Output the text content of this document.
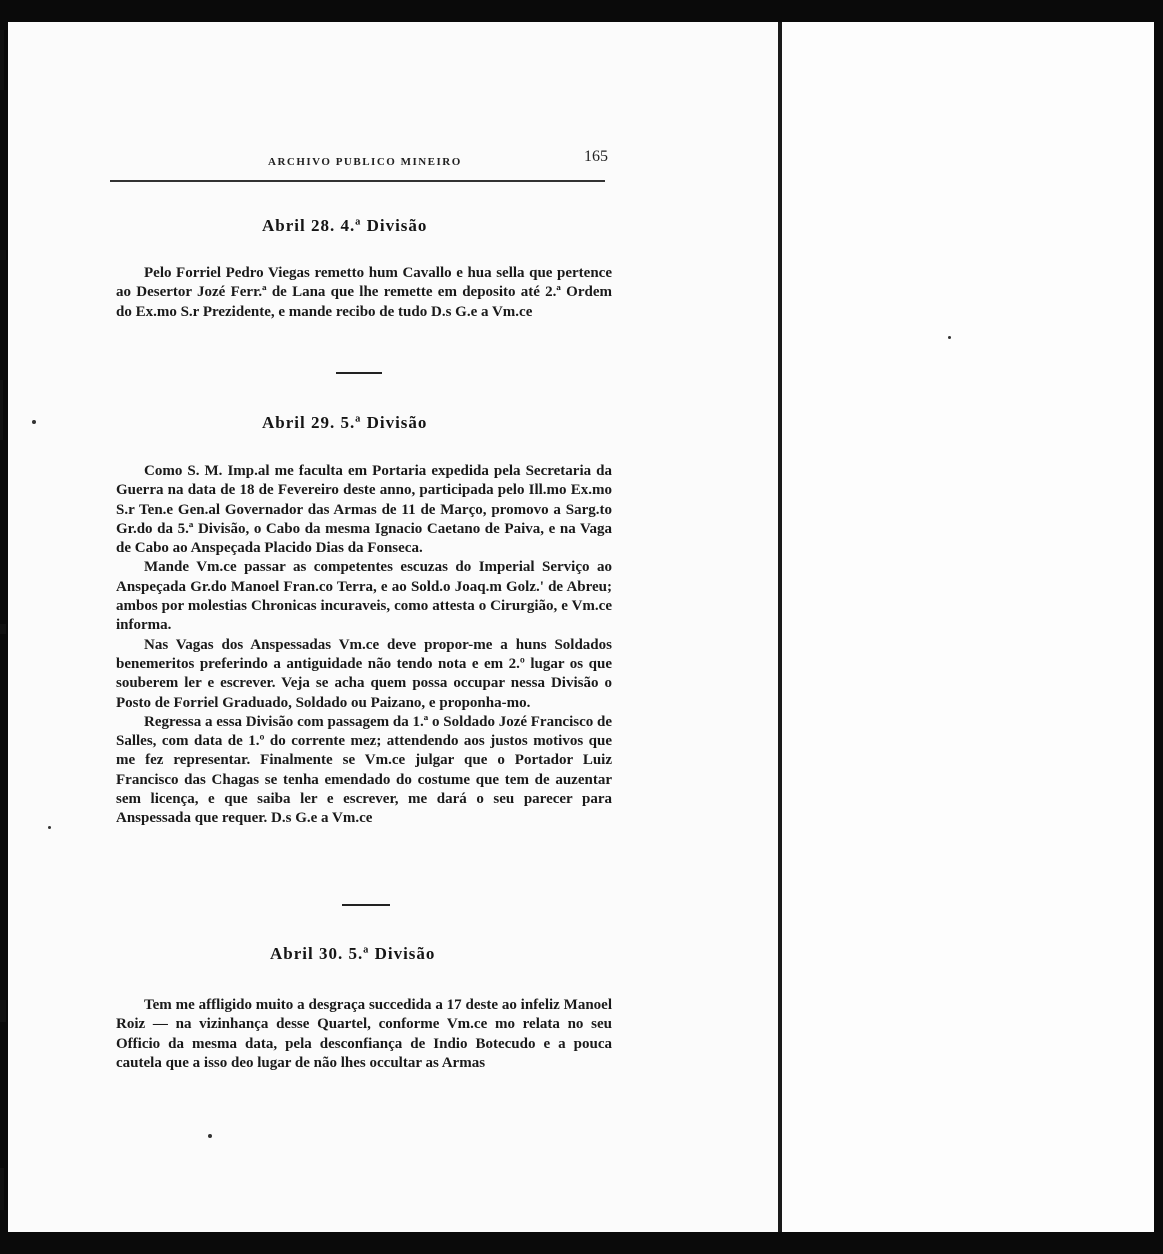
ARCHIVO PUBLICO MINEIRO	165
Abril 28. 4.ª Divisão

Pelo Forriel Pedro Viegas remetto hum Cavallo e hua sella que pertence ao Desertor Jozé Ferr.ª de Lana que lhe remette em deposito até 2.ª Ordem do Ex.mo S.r Prezidente, e mande recibo de tudo D.s G.e a Vm.ce

Abril 29. 5.ª Divisão

Como S. M. Imp.al me faculta em Portaria expedida pela Secretaria da Guerra na data de 18 de Fevereiro deste anno, participada pelo Ill.mo Ex.mo S.r Ten.e Gen.al Governador das Armas de 11 de Março, promovo a Sarg.to Gr.do da 5.ª Divisão, o Cabo da mesma Ignacio Caetano de Paiva, e na Vaga de Cabo ao Anspeçada Placido Dias da Fonseca.

Mande Vm.ce passar as competentes escuzas do Imperial Serviço ao Anspeçada Gr.do Manoel Fran.co Terra, e ao Sold.o Joaq.m Golz.' de Abreu; ambos por molestias Chronicas incuraveis, como attesta o Cirurgião, e Vm.ce informa.

Nas Vagas dos Anspessadas Vm.ce deve propor-me a huns Soldados benemeritos preferindo a antiguidade não tendo nota e em 2.º lugar os que souberem ler e escrever. Veja se acha quem possa occupar nessa Divisão o Posto de Forriel Graduado, Soldado ou Paizano, e proponha-mo.

Regressa a essa Divisão com passagem da 1.ª o Soldado Jozé Francisco de Salles, com data de 1.º do corrente mez; attendendo aos justos motivos que me fez representar. Finalmente se Vm.ce julgar que o Portador Luiz Francisco das Chagas se tenha emendado do costume que tem de auzentar sem licença, e que saiba ler e escrever, me dará o seu parecer para Anspessada que requer. D.s G.e a Vm.ce

Abril 30. 5.ª Divisão

Tem me affligido muito a desgraça succedida a 17 deste ao infeliz Manoel Roiz — na vizinhança desse Quartel, conforme Vm.ce mo relata no seu Officio da mesma data, pela desconfiança de Indio Botecudo e a pouca cautela que a isso deo lugar de não lhes occultar as Armas
